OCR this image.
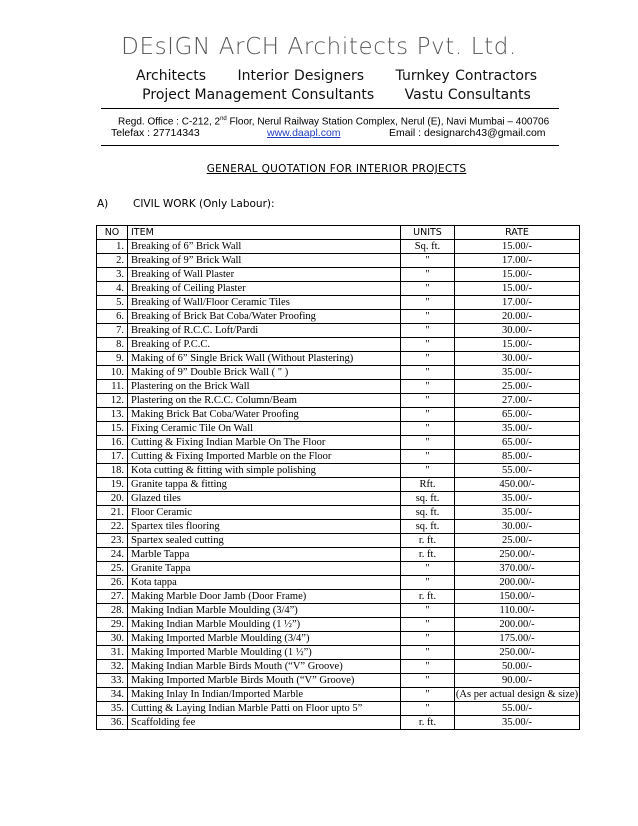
DEsIGN ArCH Architects Pvt. Ltd.
Architects Interior Designers Turnkey Contractors
Project Management Consultants Vastu Consultants
Regd. Office : C-212, 2nd Floor, Nerul Railway Station Complex, Nerul (E), Navi Mumbai – 400706
Telefax : 27714343	www.daapl.com	Email : designarch43@gmail.com
GENERAL QUOTATION FOR INTERIOR PROJECTS
A) CIVIL WORK (Only Labour):
NO	ITEM	UNITS	RATE
1.	Breaking of 6” Brick Wall	Sq. ft.	15.00/-
2.	Breaking of 9” Brick Wall	"	17.00/-
3.	Breaking of Wall Plaster	"	15.00/-
4.	Breaking of Ceiling Plaster	"	15.00/-
5.	Breaking of Wall/Floor Ceramic Tiles	"	17.00/-
6.	Breaking of Brick Bat Coba/Water Proofing	"	20.00/-
7.	Breaking of R.C.C. Loft/Pardi	"	30.00/-
8.	Breaking of P.C.C.	"	15.00/-
9.	Making of 6” Single Brick Wall (Without Plastering)	"	30.00/-
10.	Making of 9” Double Brick Wall ( " )	"	35.00/-
11.	Plastering on the Brick Wall	"	25.00/-
12.	Plastering on the R.C.C. Column/Beam	"	27.00/-
13.	Making Brick Bat Coba/Water Proofing	"	65.00/-
15.	Fixing Ceramic Tile On Wall	"	35.00/-
16.	Cutting & Fixing Indian Marble On The Floor	"	65.00/-
17.	Cutting & Fixing Imported Marble on the Floor	"	85.00/-
18.	Kota cutting & fitting with simple polishing	"	55.00/-
19.	Granite tappa & fitting	Rft.	450.00/-
20.	Glazed tiles	sq. ft.	35.00/-
21.	Floor Ceramic	sq. ft.	35.00/-
22.	Spartex tiles flooring	sq. ft.	30.00/-
23.	Spartex sealed cutting	r. ft.	25.00/-
24.	Marble Tappa	r. ft.	250.00/-
25.	Granite Tappa	"	370.00/-
26.	Kota tappa	"	200.00/-
27.	Making Marble Door Jamb (Door Frame)	r. ft.	150.00/-
28.	Making Indian Marble Moulding (3/4”)	"	110.00/-
29.	Making Indian Marble Moulding (1 ½”)	"	200.00/-
30.	Making Imported Marble Moulding (3/4”)	"	175.00/-
31.	Making Imported Marble Moulding (1 ½”)	"	250.00/-
32.	Making Indian Marble Birds Mouth (“V” Groove)	"	50.00/-
33.	Making Imported Marble Birds Mouth (“V” Groove)	"	90.00/-
34.	Making Inlay In Indian/Imported Marble	"	(As per actual design & size)
35.	Cutting & Laying Indian Marble Patti on Floor upto 5”	"	55.00/-
36.	Scaffolding fee	r. ft.	35.00/-
